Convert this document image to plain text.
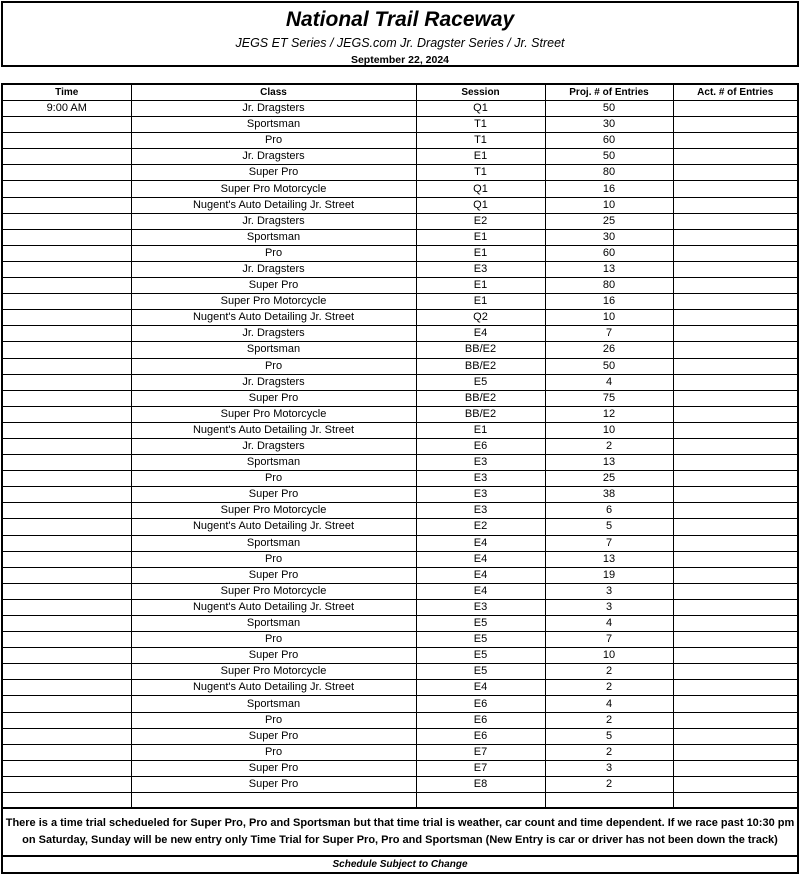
National Trail Raceway
JEGS ET Series / JEGS.com Jr. Dragster Series / Jr. Street
September 22, 2024
Time	Class	Session	Proj. # of Entries	Act. # of Entries
9:00 AM	Jr. Dragsters	Q1	50	
	Sportsman	T1	30	
	Pro	T1	60	
	Jr. Dragsters	E1	50	
	Super Pro	T1	80	
	Super Pro Motorcycle	Q1	16	
	Nugent's Auto Detailing Jr. Street	Q1	10	
	Jr. Dragsters	E2	25	
	Sportsman	E1	30	
	Pro	E1	60	
	Jr. Dragsters	E3	13	
	Super Pro	E1	80	
	Super Pro Motorcycle	E1	16	
	Nugent's Auto Detailing Jr. Street	Q2	10	
	Jr. Dragsters	E4	7	
	Sportsman	BB/E2	26	
	Pro	BB/E2	50	
	Jr. Dragsters	E5	4	
	Super Pro	BB/E2	75	
	Super Pro Motorcycle	BB/E2	12	
	Nugent's Auto Detailing Jr. Street	E1	10	
	Jr. Dragsters	E6	2	
	Sportsman	E3	13	
	Pro	E3	25	
	Super Pro	E3	38	
	Super Pro Motorcycle	E3	6	
	Nugent's Auto Detailing Jr. Street	E2	5	
	Sportsman	E4	7	
	Pro	E4	13	
	Super Pro	E4	19	
	Super Pro Motorcycle	E4	3	
	Nugent's Auto Detailing Jr. Street	E3	3	
	Sportsman	E5	4	
	Pro	E5	7	
	Super Pro	E5	10	
	Super Pro Motorcycle	E5	2	
	Nugent's Auto Detailing Jr. Street	E4	2	
	Sportsman	E6	4	
	Pro	E6	2	
	Super Pro	E6	5	
	Pro	E7	2	
	Super Pro	E7	3	
	Super Pro	E8	2	

There is a time trial schedueled for Super Pro, Pro and Sportsman but that time trial is weather, car count and time dependent. If we race past 10:30 pm
on Saturday, Sunday will be new entry only Time Trial for Super Pro, Pro and Sportsman (New Entry is car or driver has not been down the track)
Schedule Subject to Change
